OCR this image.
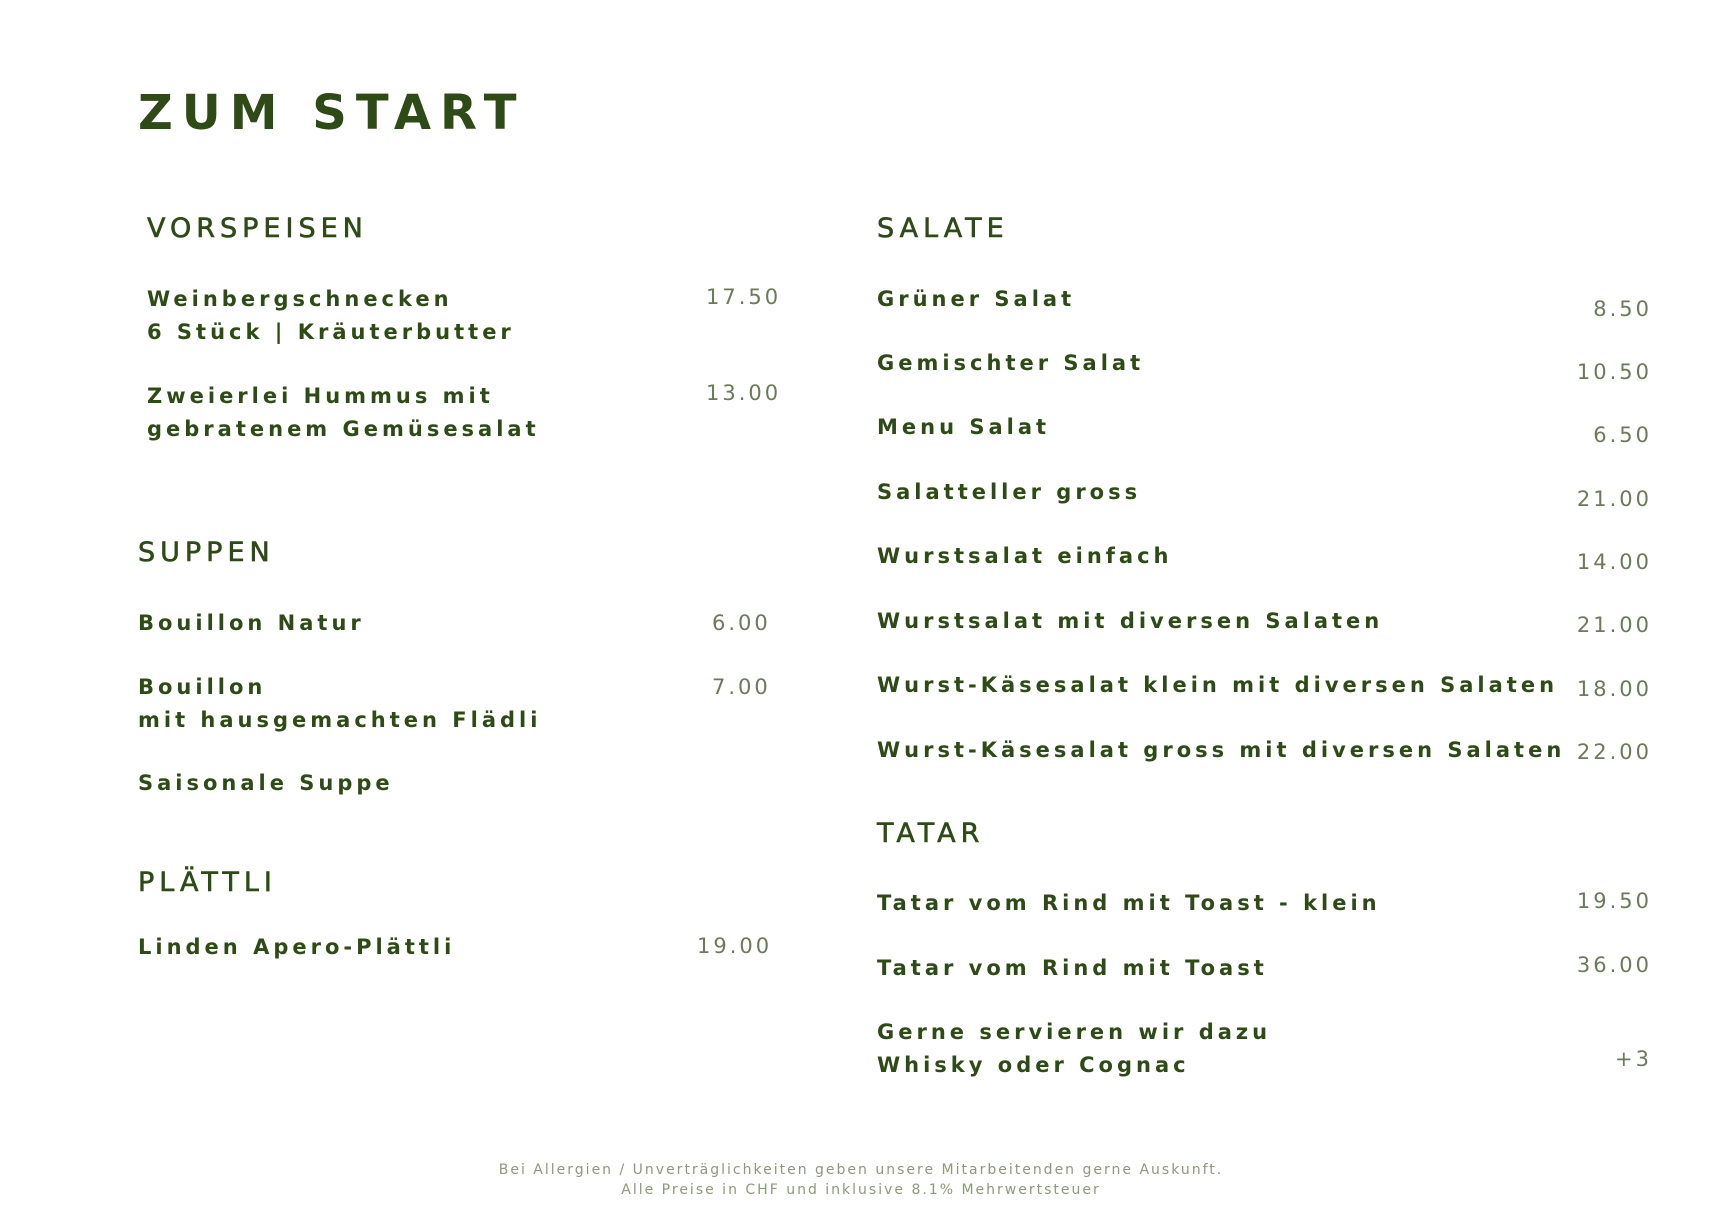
ZUM START
VORSPEISEN
Weinbergschnecken
6 Stück | Kräuterbutter
17.50
Zweierlei Hummus mit
gebratenem Gemüsesalat
13.00
SUPPEN
Bouillon Natur	6.00
Bouillon
mit hausgemachten Flädli
7.00
Saisonale Suppe
PLÄTTLI
Linden Apero-Plättli	19.00
SALATE
Grüner Salat	8.50
Gemischter Salat	10.50
Menu Salat	6.50
Salatteller gross	21.00
Wurstsalat einfach	14.00
Wurstsalat mit diversen Salaten	21.00
Wurst-Käsesalat klein mit diversen Salaten 18.00
Wurst-Käsesalat gross mit diversen Salaten 22.00
TATAR
Tatar vom Rind mit Toast - klein	19.50
Tatar vom Rind mit Toast	36.00
Gerne servieren wir dazu
Whisky oder Cognac	+3
Bei Allergien / Unverträglichkeiten geben unsere Mitarbeitenden gerne Auskunft.
Alle Preise in CHF und inklusive 8.1% Mehrwertsteuer
